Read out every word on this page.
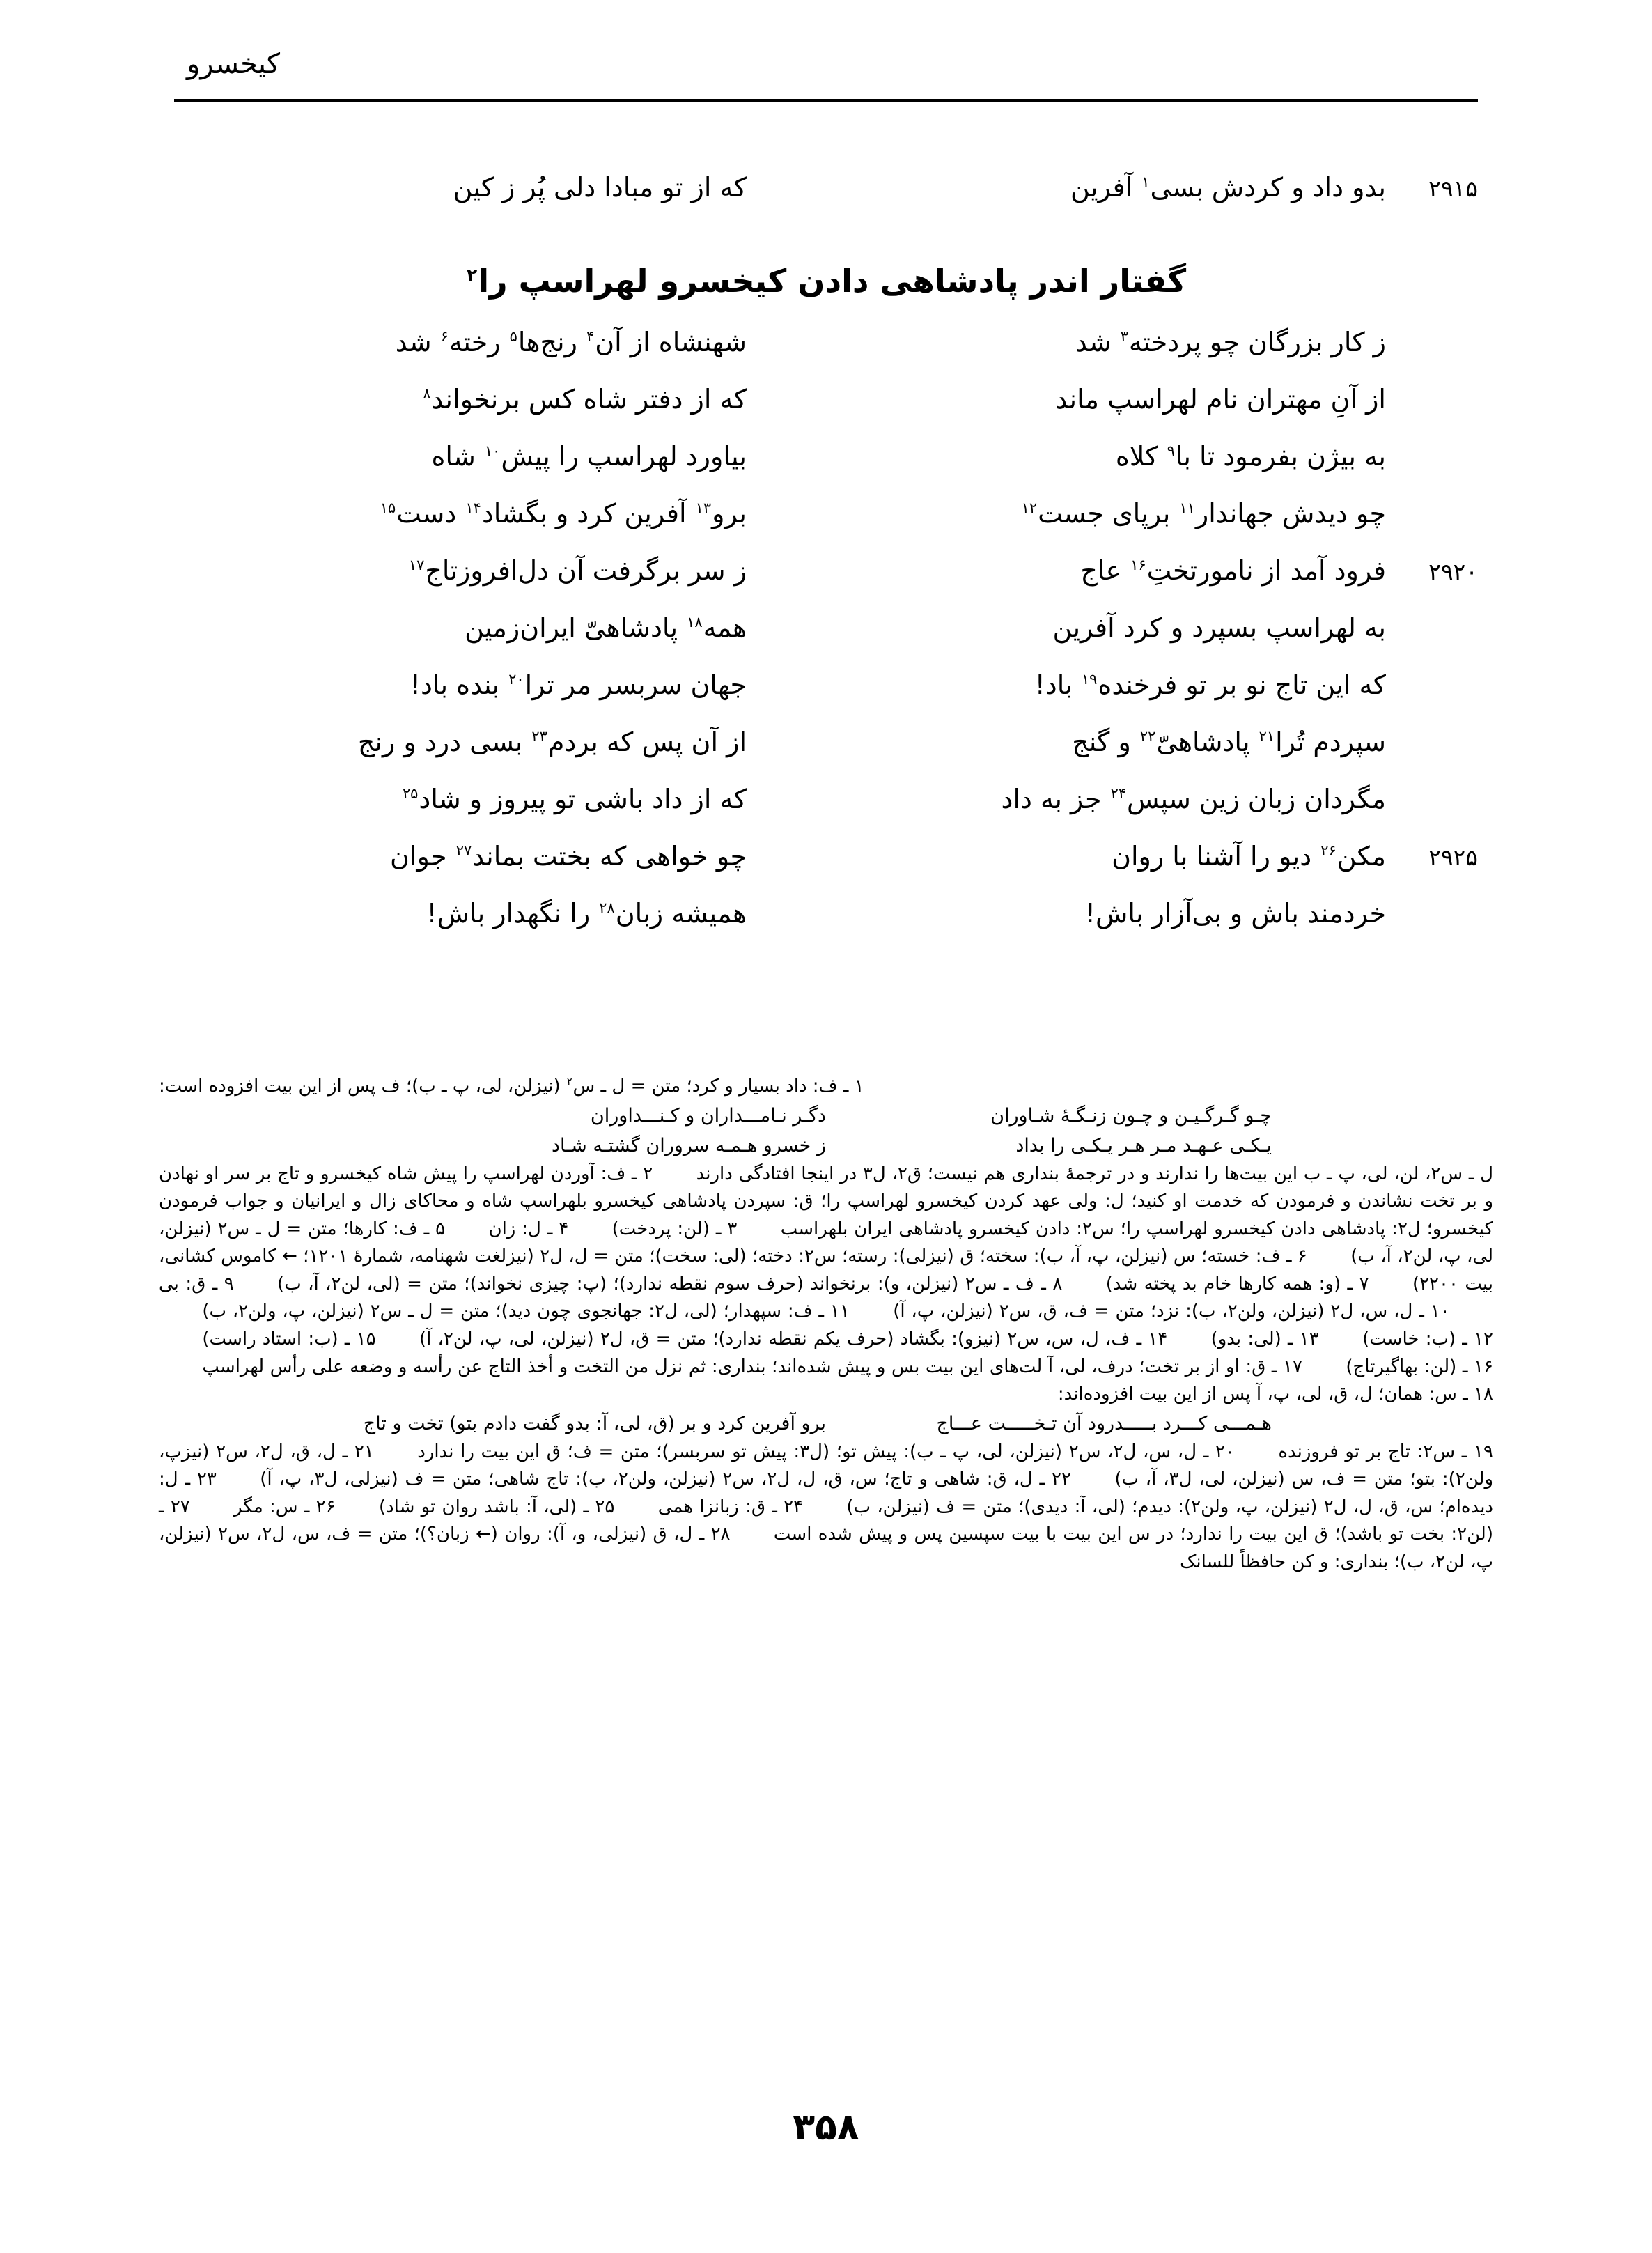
کیخسرو
۲۹۱۵
بدو داد و کردش بسی$^۱$ آفرین
که از تو مبادا دلی پُر ز کین
گفتار اندر پادشاهی دادن کیخسرو لهراسپ را$^۲$
ز کار بزرگان چو پردخته$^۳$ شد
شهنشاه از آن$^۴$ رنج‌ها$^۵$ رخته$^۶$ شد
از آنِ مهتران نام لهراسپ ماند
که از دفتر شاه کس برنخواند$^۸$
به بیژن بفرمود تا با$^۹$ کلاه
بیاورد لهراسپ را پیش$^{۱۰}$ شاه
چو دیدش جهاندار$^{۱۱}$ برپای جست$^{۱۲}$
برو$^{۱۳}$ آفرین کرد و بگشاد$^{۱۴}$ دست$^{۱۵}$
۲۹۲۰
فرود آمد از نامورتختِ$^{۱۶}$ عاج
ز سر برگرفت آن دل‌افروزتاج$^{۱۷}$
به لهراسپ بسپرد و کرد آفرین
همه$^{۱۸}$ پادشاهیّ ایران‌زمین
که این تاج نو بر تو فرخنده$^{۱۹}$ باد!
جهان سربسر مر ترا$^{۲۰}$ بنده باد!
سپردم تُرا$^{۲۱}$ پادشاهیّ$^{۲۲}$ و گنج
از آن پس که بردم$^{۲۳}$ بسی درد و رنج
مگردان زبان زین سپس$^{۲۴}$ جز به داد
که از داد باشی تو پیروز و شاد$^{۲۵}$
۲۹۲۵
مکن$^{۲۶}$ دیو را آشنا با روان
چو خواهی که بختت بماند$^{۲۷}$ جوان
خردمند باش و بی‌آزار باش!
همیشه زبان$^{۲۸}$ را نگهدار باش!

۱ ـ ف: داد بسیار و کرد؛ متن = ل ـ س$^۲$ (نیزلن، لی، پ ـ ب)؛ ف پس از این بیت افزوده است:

چـو گـرگـیـن و چـون زنـگـهٔ شـاوران
دگـر نـامـــداران و کـنـــداوران
یـکـی عـهـد مـر هـر یـکـی را بداد
ز خسرو هـمـه سروران گشتـه شـاد

ل ـ س۲، لن، لی، پ ـ ب این بیت‌ها را ندارند و در ترجمهٔ بنداری هم نیست؛ ق۲، ل۳ در اینجا افتادگی دارند۲ ـ ف: آوردن لهراسپ را پیش شاه کیخسرو و تاج بر سر او نهادن و بر تخت نشاندن و فرمودن که خدمت او کنید؛ ل: ولی عهد کردن کیخسرو لهراسپ را؛ ق: سپردن پادشاهی کیخسرو بلهراسپ شاه و محاکای زال و ایرانیان و جواب فرمودن کیخسرو؛ ل۲: پادشاهی دادن کیخسرو لهراسپ را؛ س۲: دادن کیخسرو پادشاهی ایران بلهراسب۳ ـ (لن: پردخت)۴ ـ ل: زان۵ ـ ف: کارها؛ متن = ل ـ س۲ (نیزلن، لی، پ، لن۲، آ، ب)۶ ـ ف: خسته؛ س (نیزلن، پ، آ، ب): سخته؛ ق (نیزلی): رسته؛ س۲: دخته؛ (لی: سخت)؛ متن = ل، ل۲ (نیزلغت شهنامه، شمارهٔ ۱۲۰۱؛ ← کاموس کشانی، بیت ۲۲۰۰)۷ ـ (و: همه کارها خام بد پخته شد)۸ ـ ف ـ س۲ (نیزلن، و): برنخواند (حرف سوم نقطه ندارد)؛ (پ: چیزی نخواند)؛ متن = (لی، لن۲، آ، ب)۹ ـ ق: بی۱۰ ـ ل، س، ل۲ (نیزلن، ولن۲، ب): نزد؛ متن = ف، ق، س۲ (نیزلن، پ، آ)۱۱ ـ ف: سپهدار؛ (لی، ل۲: جهانجوی چون دید)؛ متن = ل ـ س۲ (نیزلن، پ، ولن۲، ب)۱۲ ـ (ب: خاست)۱۳ ـ (لی: بدو)۱۴ ـ ف، ل، س، س۲ (نیزو): بگشاد (حرف یکم نقطه ندارد)؛ متن = ق، ل۲ (نیزلن، لی، پ، لن۲، آ)۱۵ ـ (ب: استاد راست)۱۶ ـ (لن: بهاگیرتاج)۱۷ ـ ق: او از بر تخت؛ درف، لی، آ لت‌های این بیت بس و پیش شده‌اند؛ بنداری: ثم نزل من التخت و أخذ التاج عن رأسه و وضعه علی رأس لهراسپ۱۸ ـ س: همان؛ ل، ق، لی، پ، آ پس از این بیت افزوده‌اند:

هـمـــی کـــرد بـــــدرود آن تـخـــــت عـــاج
برو آفرین کرد و بر (ق، لی، آ: بدو گفت دادم بتو) تخت و تاج

۱۹ ـ س۲: تاج بر تو فروزنده۲۰ ـ ل، س، ل۲، س۲ (نیزلن، لی، پ ـ ب): پیش تو؛ (ل۳: پیش تو سربسر)؛ متن = ف؛ ق این بیت را ندارد۲۱ ـ ل، ق، ل۲، س۲ (نیزپ، ولن۲): بتو؛ متن = ف، س (نیزلن، لی، ل۳، آ، ب)۲۲ ـ ل، ق: شاهی و تاج؛ س، ق، ل، ل۲، س۲ (نیزلن، ولن۲، ب): تاج شاهی؛ متن = ف (نیزلی، ل۳، پ، آ)۲۳ ـ ل: دیده‌ام؛ س، ق، ل، ل۲ (نیزلن، پ، ولن۲): دیدم؛ (لی، آ: دیدی)؛ متن = ف (نیزلن، ب)۲۴ ـ ق: زبانزا همی۲۵ ـ (لی، آ: باشد روان تو شاد)۲۶ ـ س: مگر۲۷ ـ (لن۲: بخت تو باشد)؛ ق این بیت را ندارد؛ در س این بیت با بیت سپسین پس و پیش شده است۲۸ ـ ل، ق (نیزلی، و، آ): روان (← زبان؟)؛ متن = ف، س، ل۲، س۲ (نیزلن، پ، لن۲، ب)؛ بنداری: و کن حافظاً للسانک

۳۵۸
